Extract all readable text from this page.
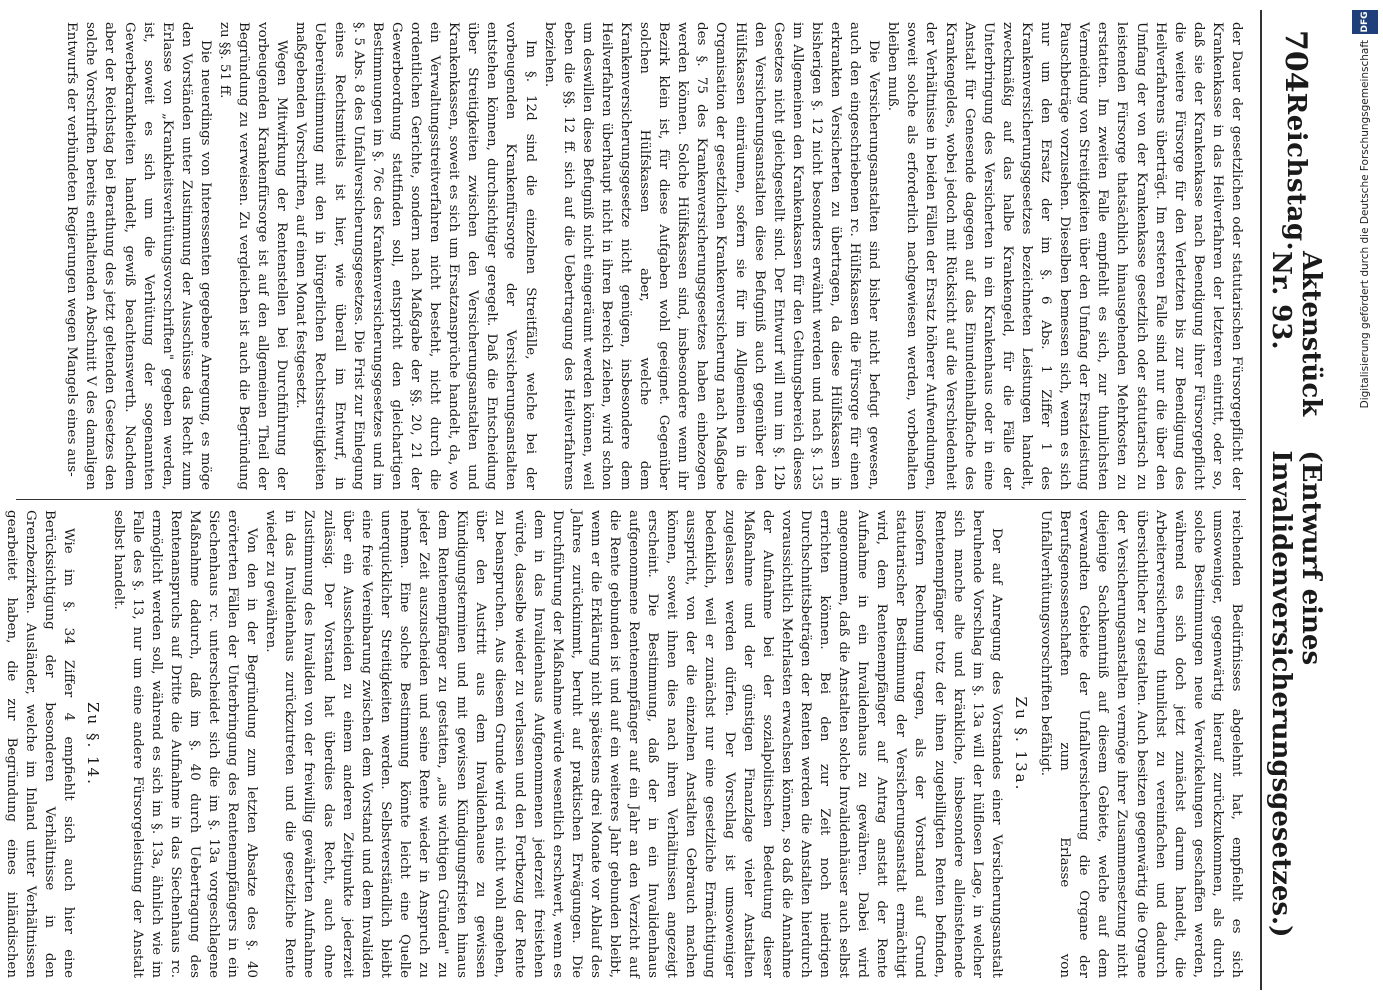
704
Reichstag.
Aktenstück Nr. 93.
(Entwurf eines Invalidenversicherungsgesetzes.)

der Dauer der gesetzlichen oder statutarischen Fürsorgepflicht der Krankenkasse in das Heilverfahren der letzteren eintritt, oder so, daß sie der Krankenkasse nach Beendigung ihrer Fürsorgepflicht die weitere Fürsorge für den Verletzten bis zur Beendigung des Heilverfahrens überträgt. Im ersteren Falle sind nur die über den Umfang der von der Krankenkasse gesetzlich oder statutarisch zu leistenden Fürsorge thatsächlich hinausgehenden Mehrkosten zu erstatten. Im zweiten Falle empfiehlt es sich, zur thunlichsten Vermeidung von Streitigkeiten über den Umfang der Ersatzleistung Pauschbeträge vorzusehen. Dieselben bemessen sich, wenn es sich nur um den Ersatz der im §. 6 Abs. 1 Ziffer 1 des Krankenversicherungsgesetzes bezeichneten Leistungen handelt, zweckmäßig auf das halbe Krankengeld, für die Fälle der Unterbringung des Versicherten in ein Krankenhaus oder in eine Anstalt für Genesende dagegen auf das Einundeinhalbfache des Krankengeldes, wobei jedoch mit Rücksicht auf die Verschiedenheit der Verhältnisse in beiden Fällen der Ersatz höherer Aufwendungen, soweit solche als erforderlich nachgewiesen werden, vorbehalten bleiben muß.

Die Versicherungsanstalten sind bisher nicht befugt gewesen, auch den eingeschriebenen rc. Hülfskassen die Fürsorge für einen erkrankten Versicherten zu übertragen, da diese Hülfskassen in bisherigen §. 12 nicht besonders erwähnt werden und nach §. 135 im Allgemeinen den Krankenkassen für den Geltungsbereich dieses Gesetzes nicht gleichgestellt sind. Der Entwurf will nun im §. 12b den Versicherungsanstalten diese Befugniß auch gegenüber den Hülfskassen einräumen, sofern sie für im Allgemeinen in die Organisation der gesetzlichen Krankenversicherung nach Maßgabe des §. 75 des Krankenversicherungsgesetzes haben einbezogen werden können. Solche Hülfskassen sind, insbesondere wenn ihr Bezirk klein ist, für diese Aufgaben wohl geeignet. Gegenüber solchen Hülfskassen aber, welche dem Krankenversicherungsgesetze nicht genügen, insbesondere dem Heilverfahren überhaupt nicht in ihren Bereich ziehen, wird schon um deswillen diese Befugniß nicht eingeräumt werden können, weil eben die §§. 12 ff. sich auf die Uebertragung des Heilverfahrens beziehen.

Im §. 12d sind die einzelnen Streitfälle, welche bei der vorbeugenden Krankenfürsorge der Versicherungsanstalten entstehen können, durchsichtiger geregelt. Daß die Entscheidung über Streitigkeiten zwischen den Versicherungsanstalten und Krankenkassen, soweit es sich um Ersatzansprüche handelt, da, wo ein Verwaltungsstreitverfahren nicht besteht, nicht durch die ordentlichen Gerichte, sondern nach Maßgabe der §§. 20, 21 der Gewerbeordnung stattfinden soll, entspricht den gleichartigen Bestimmungen im §. 76c des Krankenversicherungsgesetzes und im §. 5 Abs. 8 des Unfallversicherungsgesetzes. Die Frist zur Einlegung eines Rechtsmittels ist hier, wie überall im Entwurf, in Uebereinstimmung mit den in bürgerlichen Rechtsstreitigkeiten maßgebenden Vorschriften, auf einen Monat festgesetzt.

Wegen Mitwirkung der Rentenstellen bei Durchführung der vorbeugenden Krankenfürsorge ist auf den allgemeinen Theil der Begründung zu verweisen. Zu vergleichen ist auch die Begründung zu §§. 51 ff.

Die neuerdings von Interessenten gegebene Anregung, es möge den Vorständen unter Zustimmung der Ausschüsse das Recht zum Erlasse von „Krankheitsverhütungsvorschriften" gegeben werden, ist, soweit es sich um die Verhütung der sogenannten Gewerbekrankheiten handelt, gewiß beachtenswerth. Nachdem aber der Reichstag bei Berathung des jetzt geltenden Gesetzes den solche Vorschriften bereits enthaltenden Abschnitt V des damaligen Entwurfs der verbündeten Regierungen wegen Mangels eines aus-

reichenden Bedürfnisses abgelehnt hat, empfiehlt es sich umsoweniger, gegenwärtig hierauf zurückzukommen, als durch solche Bestimmungen neue Verwickelungen geschaffen werden, während es sich doch jetzt zunächst darum handelt, die Arbeiterversicherung thunlichst zu vereinfachen und dadurch übersichtlicher zu gestalten. Auch besitzen gegenwärtig die Organe der Versicherungsanstalten vermöge ihrer Zusammensetzung nicht diejenige Sachkenntniß auf diesem Gebiete, welche auf dem verwandten Gebiete der Unfallversicherung die Organe der Berufsgenossenschaften zum Erlasse von Unfallverhütungsvorschriften befähigt.

Zu §. 13a.

Der auf Anregung des Vorstandes einer Versicherungsanstalt beruhende Vorschlag im §. 13a will der hülflosen Lage, in welcher sich manche alte und kränkliche, insbesondere alleinstehende Rentenempfänger trotz der ihnen zugebilligten Renten befinden, insofern Rechnung tragen, als der Vorstand auf Grund statutarischer Bestimmung der Versicherungsanstalt ermächtigt wird, dem Rentenempfänger auf Antrag anstatt der Rente Aufnahme in ein Invalidenhaus zu gewähren. Dabei wird angenommen, daß die Anstalten solche Invalidenhäuser auch selbst errichten können. Bei den zur Zeit noch niedrigen Durchschnittsbeträgen der Renten werden die Anstalten hierdurch voraussichtlich Mehrlasten erwachsen können, so daß die Annahme der Aufnahme bei der sozialpolitischen Bedeutung dieser Maßnahme und der günstigen Finanzlage vieler Anstalten zugelassen werden dürfen. Der Vorschlag ist umsoweniger bedenklich, weil er zunächst nur eine gesetzliche Ermächtigung ausspricht, von der die einzelnen Anstalten Gebrauch machen können, soweit ihnen dies nach ihren Verhältnissen angezeigt erscheint. Die Bestimmung, daß der in ein Invalidenhaus aufgenommene Rentenempfänger auf ein Jahr an den Verzicht auf die Rente gebunden ist und auf ein weiteres Jahr gebunden bleibt, wenn er die Erklärung nicht spätestens drei Monate vor Ablauf des Jahres zurücknimmt, beruht auf praktischen Erwägungen. Die Durchführung der Maßnahme würde wesentlich erschwert, wenn es dem in das Invalidenhaus Aufgenommenen jederzeit freistehen würde, dasselbe wieder zu verlassen und den Fortbezug der Rente zu beanspruchen. Aus diesem Grunde wird es nicht wohl angehen, über den Austritt aus dem Invalidenhause zu gewissen Kündigungsterminen und mit gewissen Kündigungsfristen hinaus dem Rentenempfänger zu gestatten, „aus wichtigen Gründen" zu jeder Zeit auszuscheiden und seine Rente wieder in Anspruch zu nehmen. Eine solche Bestimmung könnte leicht eine Quelle unerquicklicher Streitigkeiten werden. Selbstverständlich bleibt eine freie Vereinbarung zwischen dem Vorstand und dem Invaliden über ein Ausscheiden zu einem anderen Zeitpunkte jederzeit zulässig. Der Vorstand hat überdies das Recht, auch ohne Zustimmung des Invaliden von der freiwillig gewährten Aufnahme in das Invalidenhaus zurückzutreten und die gesetzliche Rente wieder zu gewähren.

Von den in der Begründung zum letzten Absatze des §. 40 erörterten Fällen der Unterbringung des Rentenempfängers in ein Siechenhaus rc. unterscheidet sich die im §. 13a vorgeschlagene Maßnahme dadurch, daß im §. 40 durch Uebertragung des Rentenanspruchs auf Dritte die Aufnahme in das Siechenhaus rc. ermöglicht werden soll, während es sich im §. 13a, ähnlich wie im Falle des §. 13, nur um eine andere Fürsorgeleistung der Anstalt selbst handelt.

Zu §. 14.

Wie im §. 34 Ziffer 4 empfiehlt sich auch hier eine Berücksichtigung der besonderen Verhältnisse in den Grenzbezirken. Ausländer, welche im Inland unter Verhältnissen gearbeitet haben, die zur Begründung eines inländischen

Digitalisierung gefördert durch die Deutsche Forschungsgemeinschaft
DFG
